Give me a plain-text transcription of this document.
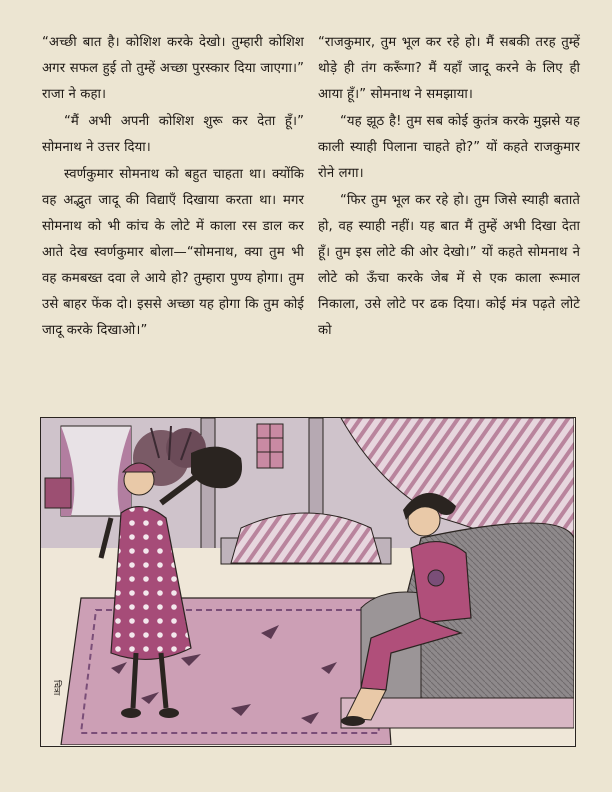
“अच्छी बात है। कोशिश करके देखो। तुम्हारी कोशिश अगर सफल हुई तो तुम्हें अच्छा पुरस्कार दिया जाएगा।” राजा ने कहा।

“मैं अभी अपनी कोशिश शुरू कर देता हूँ।” सोमनाथ ने उत्तर दिया।

स्वर्णकुमार सोमनाथ को बहुत चाहता था। क्योंकि वह अद्भुत जादू की विद्याएँ दिखाया करता था। मगर सोमनाथ को भी कांच के लोटे में काला रस डाल कर आते देख स्वर्णकुमार बोला—“सोमनाथ, क्या तुम भी वह कमबख्त दवा ले आये हो? तुम्हारा पुण्य होगा। तुम उसे बाहर फेंक दो। इससे अच्छा यह होगा कि तुम कोई जादू करके दिखाओ।”

“राजकुमार, तुम भूल कर रहे हो। मैं सबकी तरह तुम्हें थोड़े ही तंग करूँगा? मैं यहाँ जादू करने के लिए ही आया हूँ।” सोमनाथ ने समझाया।

“यह झूठ है! तुम सब कोई कुतंत्र करके मुझसे यह काली स्याही पिलाना चाहते हो?” यों कहते राजकुमार रोने लगा।

“फिर तुम भूल कर रहे हो। तुम जिसे स्याही बताते हो, वह स्याही नहीं। यह बात मैं तुम्हें अभी दिखा देता हूँ। तुम इस लोटे की ओर देखो।” यों कहते सोमनाथ ने लोटे को ऊँचा करके जेब में से एक काला रूमाल निकाला, उसे लोटे पर ढक दिया। कोई मंत्र पढ़ते लोटे को

चित्रा
